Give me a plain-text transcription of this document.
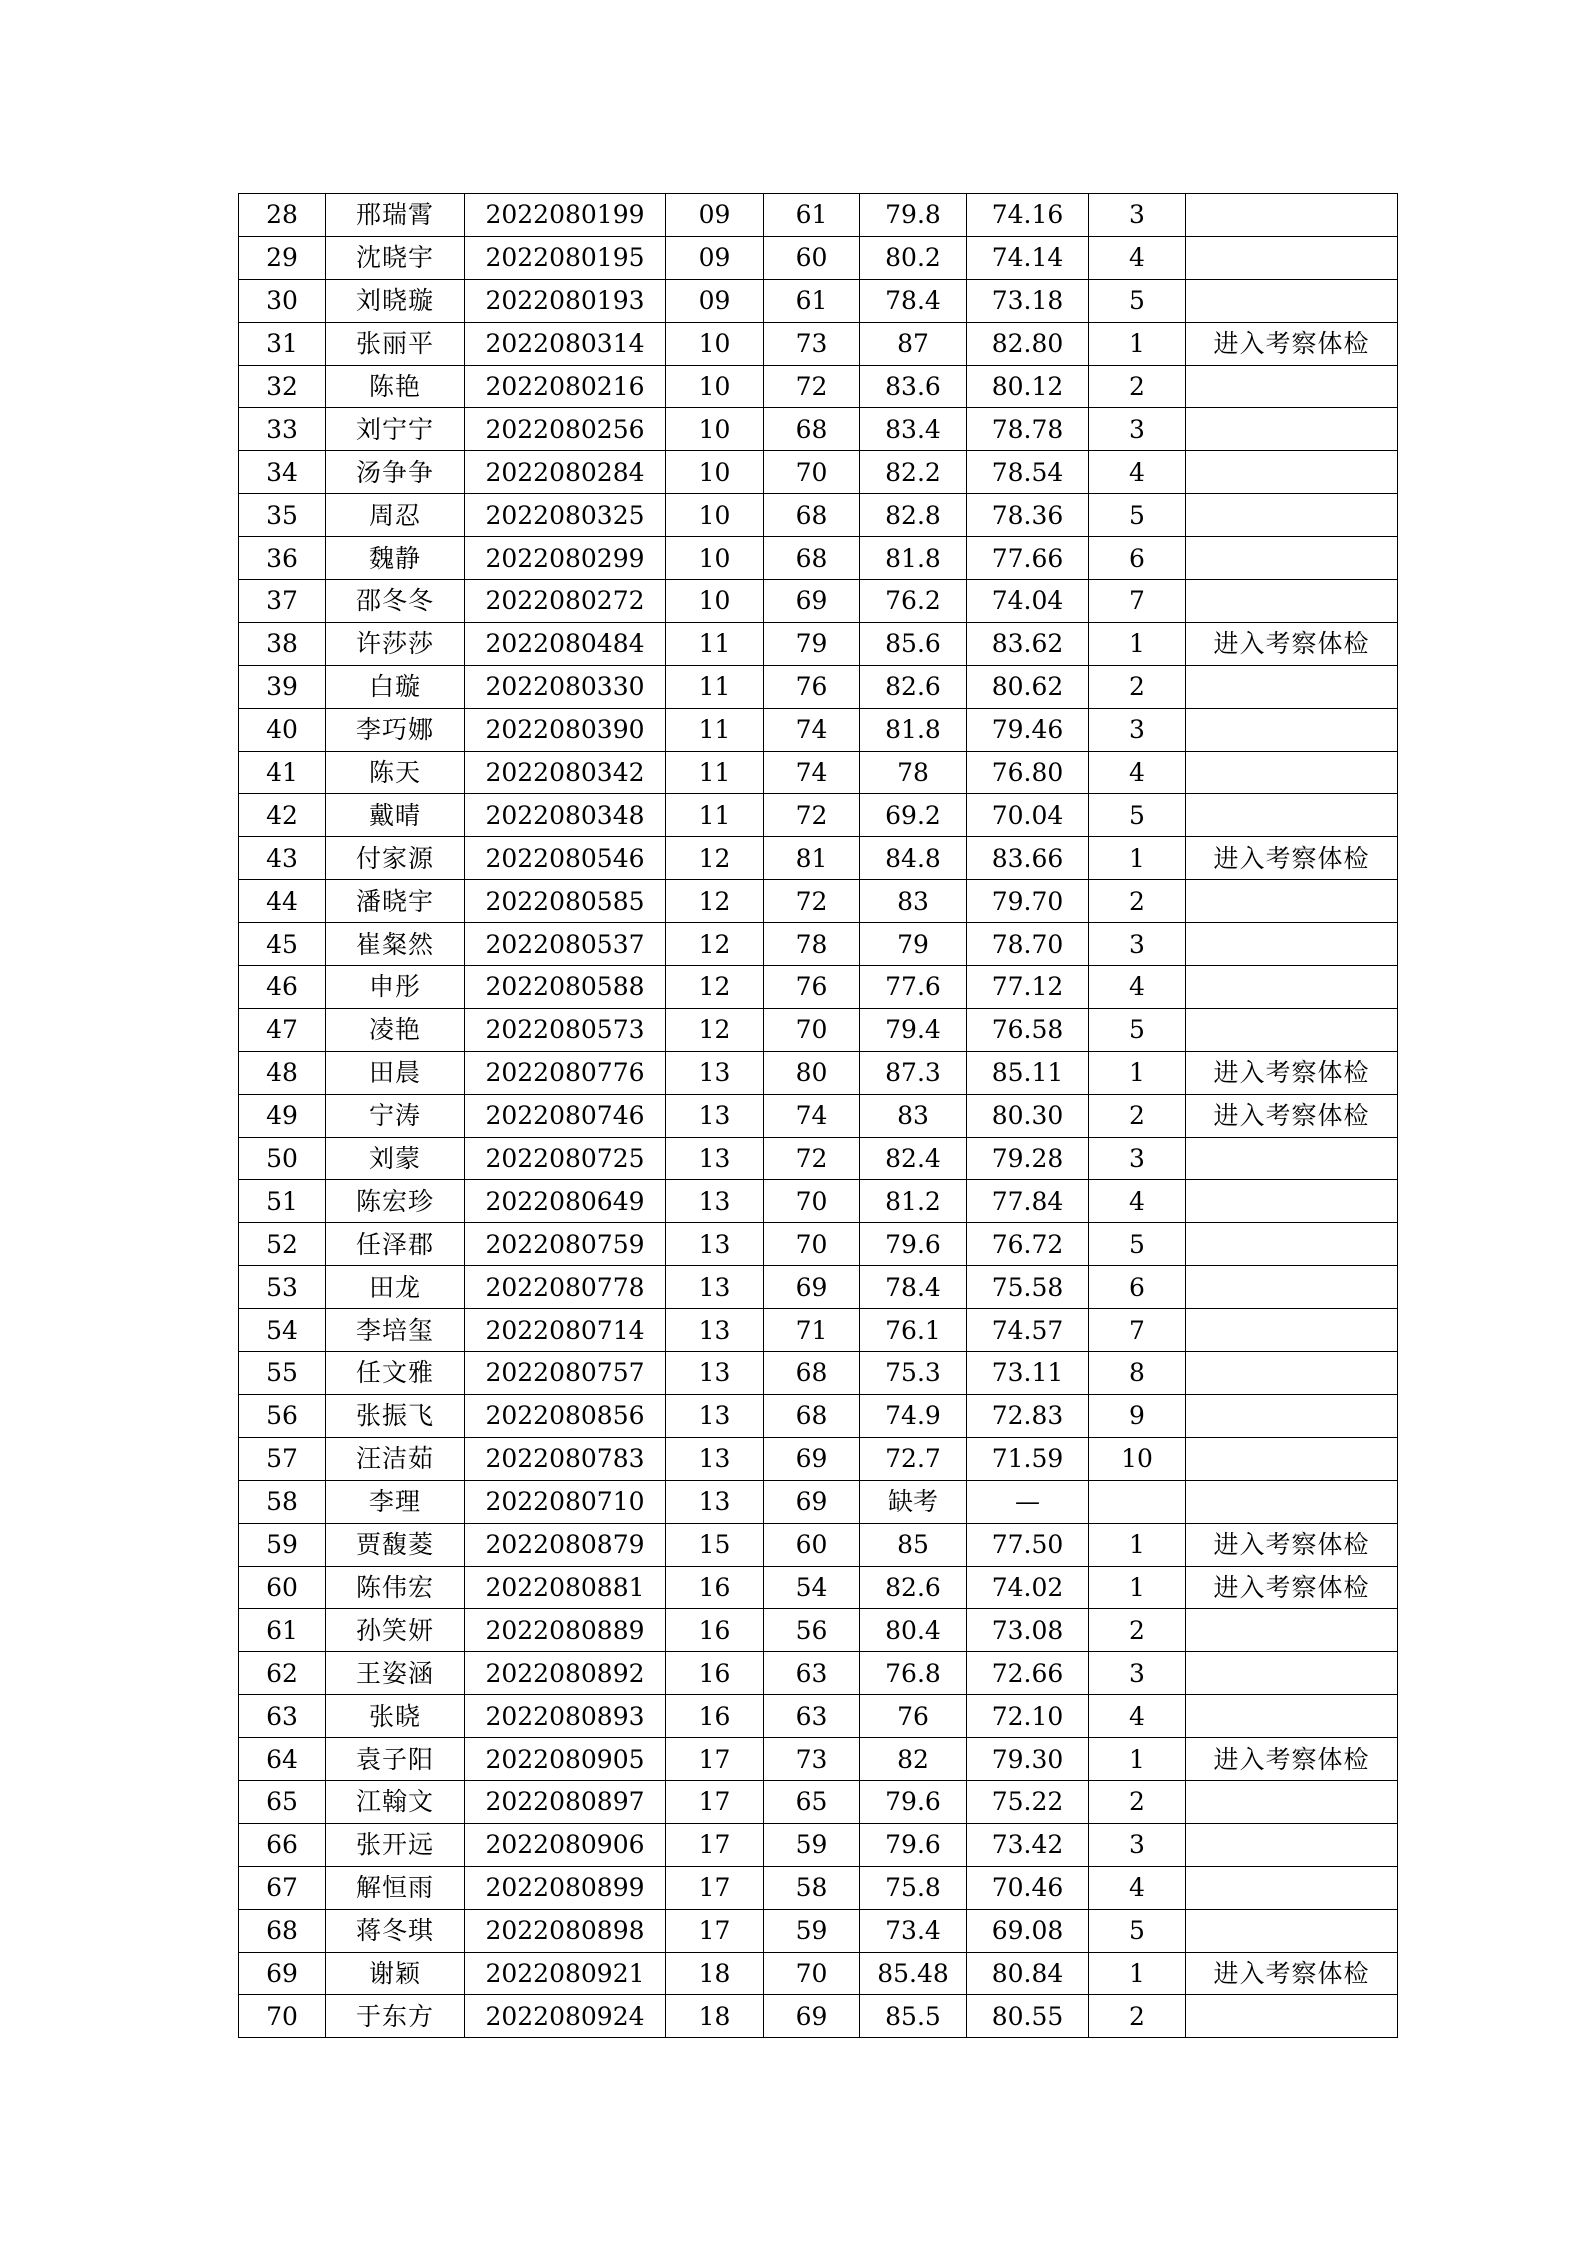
28	邢瑞霄	2022080199	09	61	79.8	74.16	3	
29	沈晓宇	2022080195	09	60	80.2	74.14	4	
30	刘晓璇	2022080193	09	61	78.4	73.18	5	
31	张丽平	2022080314	10	73	87	82.80	1	进入考察体检
32	陈艳	2022080216	10	72	83.6	80.12	2	
33	刘宁宁	2022080256	10	68	83.4	78.78	3	
34	汤争争	2022080284	10	70	82.2	78.54	4	
35	周忍	2022080325	10	68	82.8	78.36	5	
36	魏静	2022080299	10	68	81.8	77.66	6	
37	邵冬冬	2022080272	10	69	76.2	74.04	7	
38	许莎莎	2022080484	11	79	85.6	83.62	1	进入考察体检
39	白璇	2022080330	11	76	82.6	80.62	2	
40	李巧娜	2022080390	11	74	81.8	79.46	3	
41	陈天	2022080342	11	74	78	76.80	4	
42	戴晴	2022080348	11	72	69.2	70.04	5	
43	付家源	2022080546	12	81	84.8	83.66	1	进入考察体检
44	潘晓宇	2022080585	12	72	83	79.70	2	
45	崔粲然	2022080537	12	78	79	78.70	3	
46	申彤	2022080588	12	76	77.6	77.12	4	
47	凌艳	2022080573	12	70	79.4	76.58	5	
48	田晨	2022080776	13	80	87.3	85.11	1	进入考察体检
49	宁涛	2022080746	13	74	83	80.30	2	进入考察体检
50	刘蒙	2022080725	13	72	82.4	79.28	3	
51	陈宏珍	2022080649	13	70	81.2	77.84	4	
52	任泽郡	2022080759	13	70	79.6	76.72	5	
53	田龙	2022080778	13	69	78.4	75.58	6	
54	李培玺	2022080714	13	71	76.1	74.57	7	
55	任文雅	2022080757	13	68	75.3	73.11	8	
56	张振飞	2022080856	13	68	74.9	72.83	9	
57	汪洁茹	2022080783	13	69	72.7	71.59	10	
58	李理	2022080710	13	69	缺考	—		
59	贾馥菱	2022080879	15	60	85	77.50	1	进入考察体检
60	陈伟宏	2022080881	16	54	82.6	74.02	1	进入考察体检
61	孙笑妍	2022080889	16	56	80.4	73.08	2	
62	王姿涵	2022080892	16	63	76.8	72.66	3	
63	张晓	2022080893	16	63	76	72.10	4	
64	袁子阳	2022080905	17	73	82	79.30	1	进入考察体检
65	江翰文	2022080897	17	65	79.6	75.22	2	
66	张开远	2022080906	17	59	79.6	73.42	3	
67	解恒雨	2022080899	17	58	75.8	70.46	4	
68	蒋冬琪	2022080898	17	59	73.4	69.08	5	
69	谢颖	2022080921	18	70	85.48	80.84	1	进入考察体检
70	于东方	2022080924	18	69	85.5	80.55	2	
